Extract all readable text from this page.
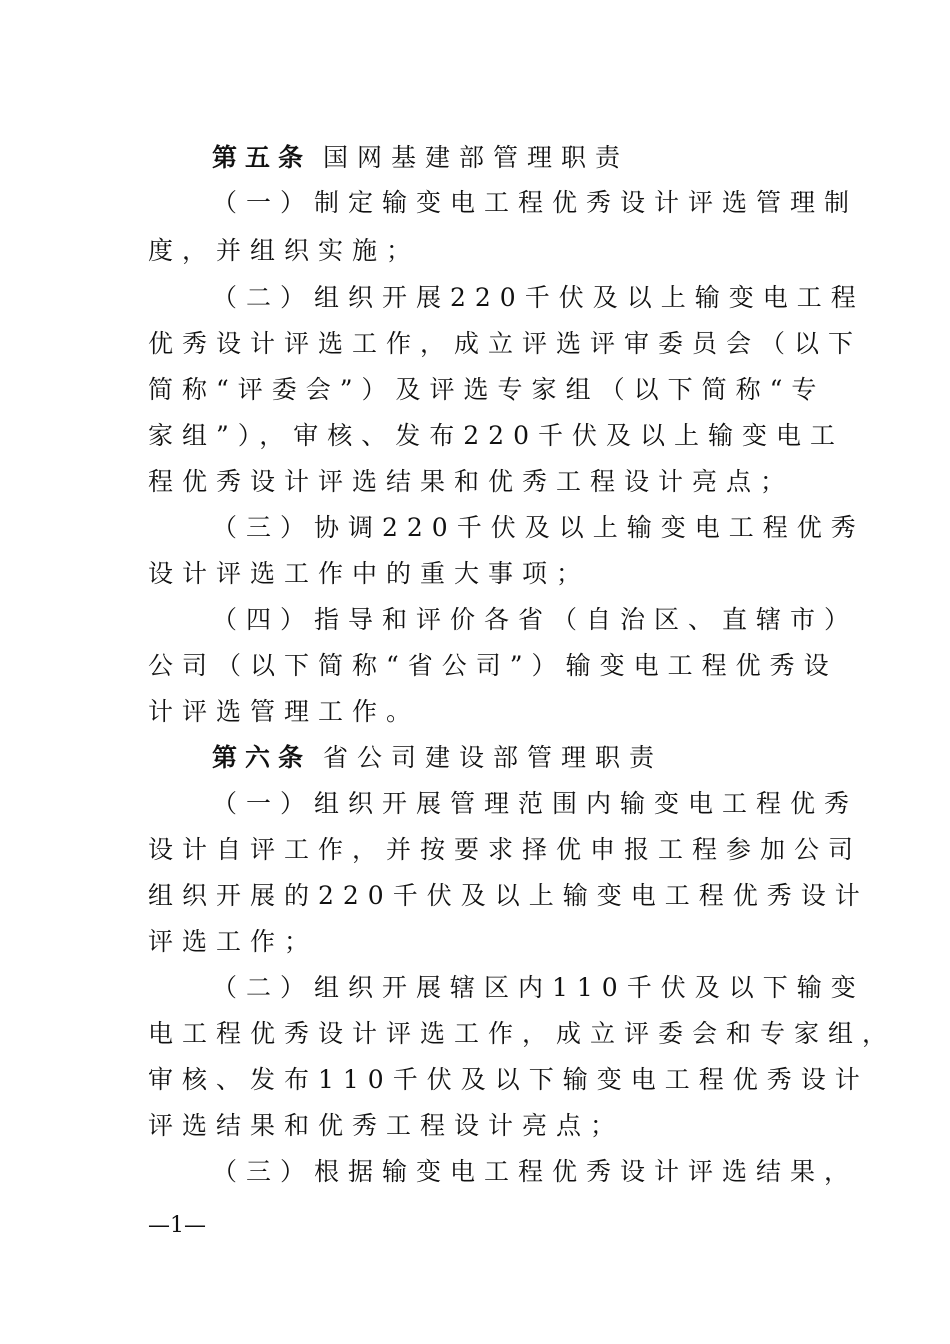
第五条 国网基建部管理职责
（一）制定输变电工程优秀设计评选管理制
度，并组织实施；
（二）组织开展220千伏及以上输变电工程
优秀设计评选工作，成立评选评审委员会（以下
简称“评委会”）及评选专家组（以下简称“专
家组”），审核、发布220千伏及以上输变电工
程优秀设计评选结果和优秀工程设计亮点；
（三）协调220千伏及以上输变电工程优秀
设计评选工作中的重大事项；
（四）指导和评价各省（自治区、直辖市）
公司（以下简称“省公司”）输变电工程优秀设
计评选管理工作。
第六条 省公司建设部管理职责
（一）组织开展管理范围内输变电工程优秀
设计自评工作，并按要求择优申报工程参加公司
组织开展的220千伏及以上输变电工程优秀设计
评选工作；
（二）组织开展辖区内110千伏及以下输变
电工程优秀设计评选工作，成立评委会和专家组，
审核、发布110千伏及以下输变电工程优秀设计
评选结果和优秀工程设计亮点；
（三）根据输变电工程优秀设计评选结果，
—1—
